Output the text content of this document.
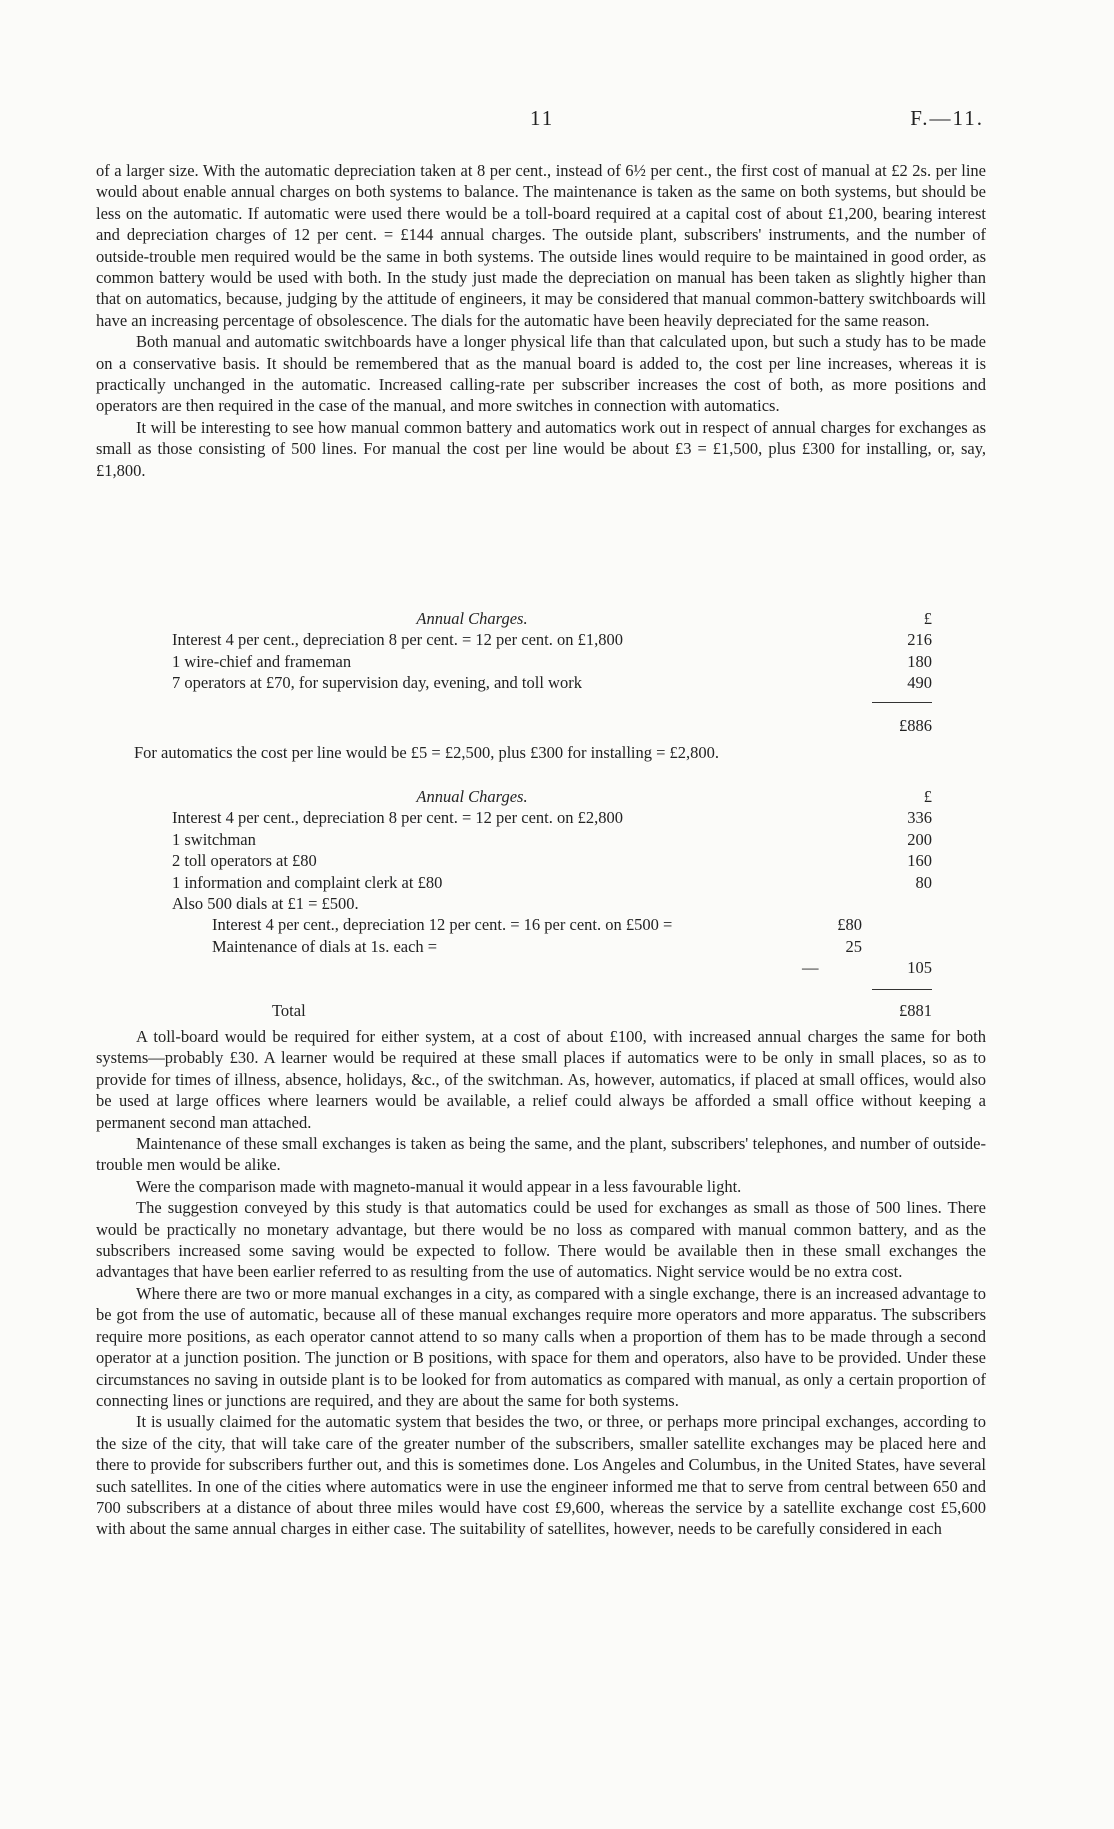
11	F.—11.

of a larger size. With the automatic depreciation taken at 8 per cent., instead of 6½ per cent., the first cost of manual at £2 2s. per line would about enable annual charges on both systems to balance. The maintenance is taken as the same on both systems, but should be less on the automatic. If automatic were used there would be a toll-board required at a capital cost of about £1,200, bearing interest and depreciation charges of 12 per cent. = £144 annual charges. The outside plant, subscribers' instruments, and the number of outside-trouble men required would be the same in both systems. The outside lines would require to be maintained in good order, as common battery would be used with both. In the study just made the depreciation on manual has been taken as slightly higher than that on automatics, because, judging by the attitude of engineers, it may be considered that manual common-battery switchboards will have an increasing percentage of obsolescence. The dials for the automatic have been heavily depreciated for the same reason.

Both manual and automatic switchboards have a longer physical life than that calculated upon, but such a study has to be made on a conservative basis. It should be remembered that as the manual board is added to, the cost per line increases, whereas it is practically unchanged in the automatic. Increased calling-rate per subscriber increases the cost of both, as more positions and operators are then required in the case of the manual, and more switches in connection with automatics.

It will be interesting to see how manual common battery and automatics work out in respect of annual charges for exchanges as small as those consisting of 500 lines. For manual the cost per line would be about £3 = £1,500, plus £300 for installing, or, say, £1,800.

Annual Charges.	£
Interest 4 per cent., depreciation 8 per cent. = 12 per cent. on £1,800	216
1 wire-chief and frameman	180
7 operators at £70, for supervision day, evening, and toll work	490
£886
For automatics the cost per line would be £5 = £2,500, plus £300 for installing = £2,800.
Annual Charges.	£
Interest 4 per cent., depreciation 8 per cent. = 12 per cent. on £2,800	336
1 switchman	200
2 toll operators at £80	160
1 information and complaint clerk at £80	80
Also 500 dials at £1 = £500.
Interest 4 per cent., depreciation 12 per cent. = 16 per cent. on £500 =	£80
Maintenance of dials at 1s. each =	25
—	105
Total	£881

A toll-board would be required for either system, at a cost of about £100, with increased annual charges the same for both systems—probably £30. A learner would be required at these small places if automatics were to be only in small places, so as to provide for times of illness, absence, holidays, &c., of the switchman. As, however, automatics, if placed at small offices, would also be used at large offices where learners would be available, a relief could always be afforded a small office without keeping a permanent second man attached.

Maintenance of these small exchanges is taken as being the same, and the plant, subscribers' telephones, and number of outside-trouble men would be alike.

Were the comparison made with magneto-manual it would appear in a less favourable light.

The suggestion conveyed by this study is that automatics could be used for exchanges as small as those of 500 lines. There would be practically no monetary advantage, but there would be no loss as compared with manual common battery, and as the subscribers increased some saving would be expected to follow. There would be available then in these small exchanges the advantages that have been earlier referred to as resulting from the use of automatics. Night service would be no extra cost.

Where there are two or more manual exchanges in a city, as compared with a single exchange, there is an increased advantage to be got from the use of automatic, because all of these manual exchanges require more operators and more apparatus. The subscribers require more positions, as each operator cannot attend to so many calls when a proportion of them has to be made through a second operator at a junction position. The junction or B positions, with space for them and operators, also have to be provided. Under these circumstances no saving in outside plant is to be looked for from automatics as compared with manual, as only a certain proportion of connecting lines or junctions are required, and they are about the same for both systems.

It is usually claimed for the automatic system that besides the two, or three, or perhaps more principal exchanges, according to the size of the city, that will take care of the greater number of the subscribers, smaller satellite exchanges may be placed here and there to provide for subscribers further out, and this is sometimes done. Los Angeles and Columbus, in the United States, have several such satellites. In one of the cities where automatics were in use the engineer informed me that to serve from central between 650 and 700 subscribers at a distance of about three miles would have cost £9,600, whereas the service by a satellite exchange cost £5,600 with about the same annual charges in either case. The suitability of satellites, however, needs to be carefully considered in each
